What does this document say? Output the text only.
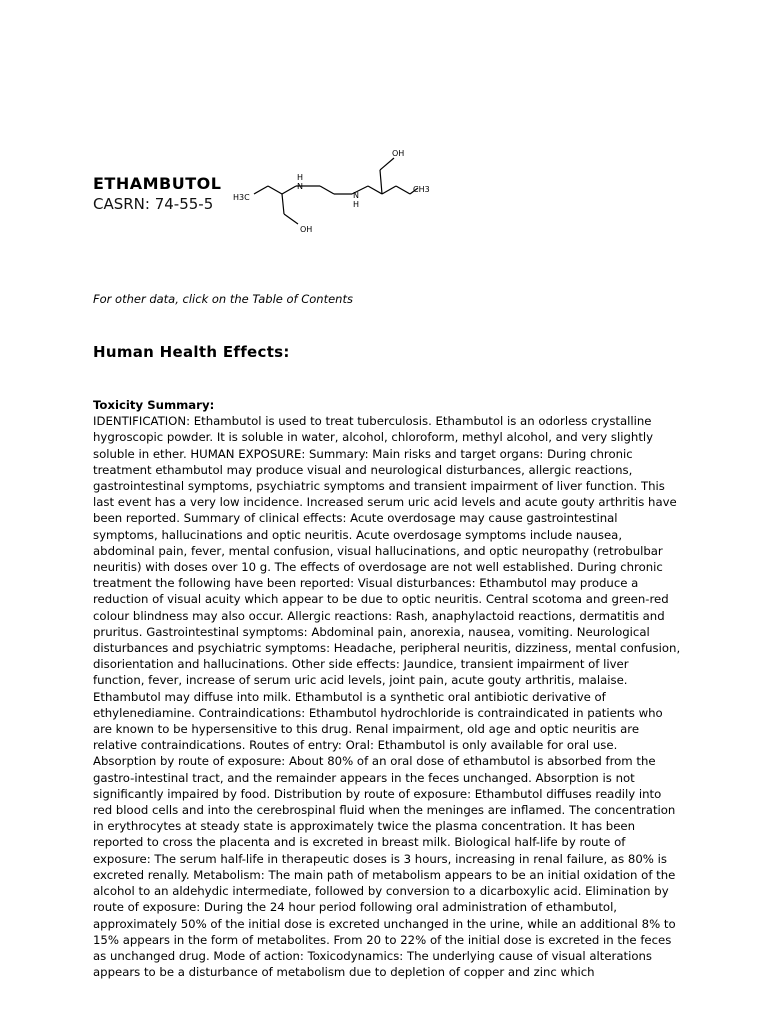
ETHAMBUTOL
CASRN: 74-55-5	H3C
H
N
N
H
CH3
OH
OH
For other data, click on the Table of Contents
Human Health Effects:
Toxicity Summary:
IDENTIFICATION: Ethambutol is used to treat tuberculosis. Ethambutol is an odorless crystalline hygroscopic powder. It is soluble in water, alcohol, chloroform, methyl alcohol, and very slightly soluble in ether. HUMAN EXPOSURE: Summary: Main risks and target organs: During chronic treatment ethambutol may produce visual and neurological disturbances, allergic reactions, gastrointestinal symptoms, psychiatric symptoms and transient impairment of liver function. This last event has a very low incidence. Increased serum uric acid levels and acute gouty arthritis have been reported. Summary of clinical effects: Acute overdosage may cause gastrointestinal symptoms, hallucinations and optic neuritis. Acute overdosage symptoms include nausea, abdominal pain, fever, mental confusion, visual hallucinations, and optic neuropathy (retrobulbar neuritis) with doses over 10 g. The effects of overdosage are not well established. During chronic treatment the following have been reported: Visual disturbances: Ethambutol may produce a reduction of visual acuity which appear to be due to optic neuritis. Central scotoma and green-red colour blindness may also occur. Allergic reactions: Rash, anaphylactoid reactions, dermatitis and pruritus. Gastrointestinal symptoms: Abdominal pain, anorexia, nausea, vomiting. Neurological disturbances and psychiatric symptoms: Headache, peripheral neuritis, dizziness, mental confusion, disorientation and hallucinations. Other side effects: Jaundice, transient impairment of liver function, fever, increase of serum uric acid levels, joint pain, acute gouty arthritis, malaise. Ethambutol may diffuse into milk. Ethambutol is a synthetic oral antibiotic derivative of ethylenediamine. Contraindications: Ethambutol hydrochloride is contraindicated in patients who are known to be hypersensitive to this drug. Renal impairment, old age and optic neuritis are relative contraindications. Routes of entry: Oral: Ethambutol is only available for oral use. Absorption by route of exposure: About 80% of an oral dose of ethambutol is absorbed from the gastro-intestinal tract, and the remainder appears in the feces unchanged. Absorption is not significantly impaired by food. Distribution by route of exposure: Ethambutol diffuses readily into red blood cells and into the cerebrospinal fluid when the meninges are inflamed. The concentration in erythrocytes at steady state is approximately twice the plasma concentration. It has been reported to cross the placenta and is excreted in breast milk. Biological half-life by route of exposure: The serum half-life in therapeutic doses is 3 hours, increasing in renal failure, as 80% is excreted renally. Metabolism: The main path of metabolism appears to be an initial oxidation of the alcohol to an aldehydic intermediate, followed by conversion to a dicarboxylic acid. Elimination by route of exposure: During the 24 hour period following oral administration of ethambutol, approximately 50% of the initial dose is excreted unchanged in the urine, while an additional 8% to 15% appears in the form of metabolites. From 20 to 22% of the initial dose is excreted in the feces as unchanged drug. Mode of action: Toxicodynamics: The underlying cause of visual alterations appears to be a disturbance of metabolism due to depletion of copper and zinc which
